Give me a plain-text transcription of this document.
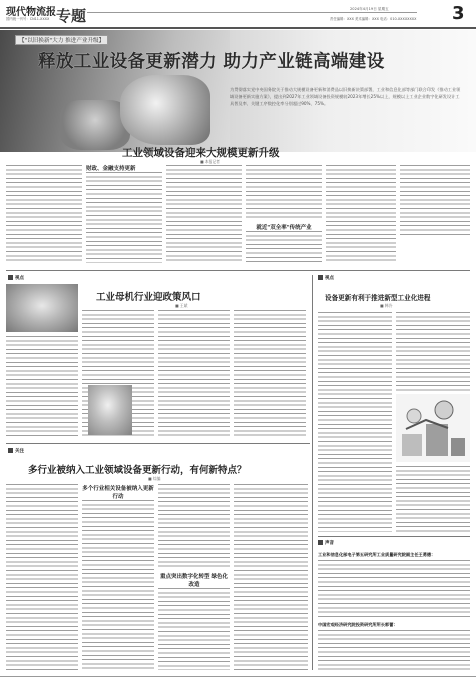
现代物流报
国内统一刊号：CN11-XXXX 专题	2024年4月19日 星期五
责任编辑：XXX 美术编辑：XXX 电话：010-XXXXXXXX 3
【"以旧换新"大力 推进产业升级】
释放工业设备更新潜力 助力产业链高端建设
为贯彻落实党中央国务院关于推动大规模设备更新和消费品以旧换新决策部署，工业和信息化部等部门联合印发《推动工业领域设备更新实施方案》，提出到2027年工业领域设备投资规模较2023年增长25%以上，规模以上工业企业数字化研发设计工具普及率、关键工序数控化率分别超过90%、75%。
工业领域设备迎来大规模更新升级
■ 本报记者
财政、金融支持更新
就近"双全率"传统产业
视点
工业母机行业迎政策风口
■ 王斌
视点
设备更新有利于推进新型工业化进程
■ 韩冷
关注
多行业被纳入工业领域设备更新行动，有何新特点？
■ 综编
多个行业相关设备被纳入更新行动
重点突出数字化转型 绿色化改造
声音
工业和信息化部电子第五研究所工业质量研究院副主任王勇德：
中国宏观经济研究院投资研究所所长郭蕾：
